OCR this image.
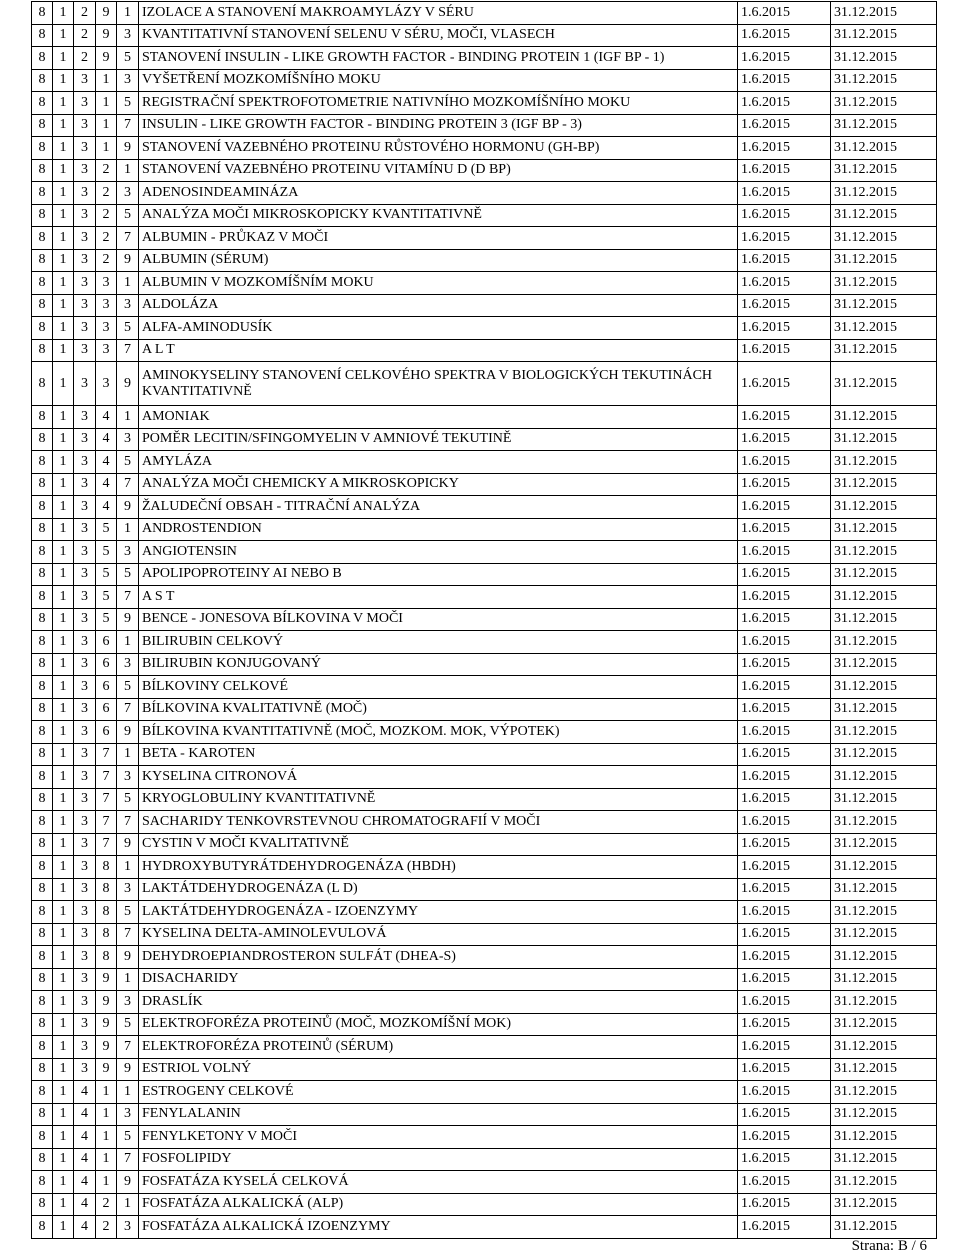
8	1	2	9	1	IZOLACE A STANOVENÍ MAKROAMYLÁZY V SÉRU	1.6.2015	31.12.2015
8	1	2	9	3	KVANTITATIVNÍ STANOVENÍ SELENU V SÉRU, MOČI, VLASECH	1.6.2015	31.12.2015
8	1	2	9	5	STANOVENÍ INSULIN - LIKE GROWTH FACTOR - BINDING PROTEIN 1 (IGF BP - 1)	1.6.2015	31.12.2015
8	1	3	1	3	VYŠETŘENÍ MOZKOMÍŠNÍHO MOKU	1.6.2015	31.12.2015
8	1	3	1	5	REGISTRAČNÍ SPEKTROFOTOMETRIE NATIVNÍHO MOZKOMÍŠNÍHO MOKU	1.6.2015	31.12.2015
8	1	3	1	7	INSULIN - LIKE GROWTH FACTOR - BINDING PROTEIN 3 (IGF BP - 3)	1.6.2015	31.12.2015
8	1	3	1	9	STANOVENÍ VAZEBNÉHO PROTEINU RŮSTOVÉHO HORMONU (GH-BP)	1.6.2015	31.12.2015
8	1	3	2	1	STANOVENÍ VAZEBNÉHO PROTEINU VITAMÍNU D (D BP)	1.6.2015	31.12.2015
8	1	3	2	3	ADENOSINDEAMINÁZA	1.6.2015	31.12.2015
8	1	3	2	5	ANALÝZA MOČI MIKROSKOPICKY KVANTITATIVNĚ	1.6.2015	31.12.2015
8	1	3	2	7	ALBUMIN - PRŮKAZ V MOČI	1.6.2015	31.12.2015
8	1	3	2	9	ALBUMIN (SÉRUM)	1.6.2015	31.12.2015
8	1	3	3	1	ALBUMIN V MOZKOMÍŠNÍM MOKU	1.6.2015	31.12.2015
8	1	3	3	3	ALDOLÁZA	1.6.2015	31.12.2015
8	1	3	3	5	ALFA-AMINODUSÍK	1.6.2015	31.12.2015
8	1	3	3	7	A L T	1.6.2015	31.12.2015
8	1	3	3	9	AMINOKYSELINY STANOVENÍ CELKOVÉHO SPEKTRA V BIOLOGICKÝCH TEKUTINÁCH KVANTITATIVNĚ	1.6.2015	31.12.2015
8	1	3	4	1	AMONIAK	1.6.2015	31.12.2015
8	1	3	4	3	POMĚR LECITIN/SFINGOMYELIN V AMNIOVÉ TEKUTINĚ	1.6.2015	31.12.2015
8	1	3	4	5	AMYLÁZA	1.6.2015	31.12.2015
8	1	3	4	7	ANALÝZA MOČI CHEMICKY A MIKROSKOPICKY	1.6.2015	31.12.2015
8	1	3	4	9	ŽALUDEČNÍ OBSAH - TITRAČNÍ ANALÝZA	1.6.2015	31.12.2015
8	1	3	5	1	ANDROSTENDION	1.6.2015	31.12.2015
8	1	3	5	3	ANGIOTENSIN	1.6.2015	31.12.2015
8	1	3	5	5	APOLIPOPROTEINY AI NEBO B	1.6.2015	31.12.2015
8	1	3	5	7	A S T	1.6.2015	31.12.2015
8	1	3	5	9	BENCE - JONESOVA BÍLKOVINA V MOČI	1.6.2015	31.12.2015
8	1	3	6	1	BILIRUBIN CELKOVÝ	1.6.2015	31.12.2015
8	1	3	6	3	BILIRUBIN KONJUGOVANÝ	1.6.2015	31.12.2015
8	1	3	6	5	BÍLKOVINY CELKOVÉ	1.6.2015	31.12.2015
8	1	3	6	7	BÍLKOVINA KVALITATIVNĚ (MOČ)	1.6.2015	31.12.2015
8	1	3	6	9	BÍLKOVINA KVANTITATIVNĚ (MOČ, MOZKOM. MOK, VÝPOTEK)	1.6.2015	31.12.2015
8	1	3	7	1	BETA - KAROTEN	1.6.2015	31.12.2015
8	1	3	7	3	KYSELINA CITRONOVÁ	1.6.2015	31.12.2015
8	1	3	7	5	KRYOGLOBULINY KVANTITATIVNĚ	1.6.2015	31.12.2015
8	1	3	7	7	SACHARIDY TENKOVRSTEVNOU CHROMATOGRAFIÍ V MOČI	1.6.2015	31.12.2015
8	1	3	7	9	CYSTIN V MOČI KVALITATIVNĚ	1.6.2015	31.12.2015
8	1	3	8	1	HYDROXYBUTYRÁTDEHYDROGENÁZA (HBDH)	1.6.2015	31.12.2015
8	1	3	8	3	LAKTÁTDEHYDROGENÁZA (L D)	1.6.2015	31.12.2015
8	1	3	8	5	LAKTÁTDEHYDROGENÁZA - IZOENZYMY	1.6.2015	31.12.2015
8	1	3	8	7	KYSELINA DELTA-AMINOLEVULOVÁ	1.6.2015	31.12.2015
8	1	3	8	9	DEHYDROEPIANDROSTERON SULFÁT (DHEA-S)	1.6.2015	31.12.2015
8	1	3	9	1	DISACHARIDY	1.6.2015	31.12.2015
8	1	3	9	3	DRASLÍK	1.6.2015	31.12.2015
8	1	3	9	5	ELEKTROFORÉZA PROTEINŮ (MOČ, MOZKOMÍŠNÍ MOK)	1.6.2015	31.12.2015
8	1	3	9	7	ELEKTROFORÉZA PROTEINŮ (SÉRUM)	1.6.2015	31.12.2015
8	1	3	9	9	ESTRIOL VOLNÝ	1.6.2015	31.12.2015
8	1	4	1	1	ESTROGENY CELKOVÉ	1.6.2015	31.12.2015
8	1	4	1	3	FENYLALANIN	1.6.2015	31.12.2015
8	1	4	1	5	FENYLKETONY V MOČI	1.6.2015	31.12.2015
8	1	4	1	7	FOSFOLIPIDY	1.6.2015	31.12.2015
8	1	4	1	9	FOSFATÁZA KYSELÁ CELKOVÁ	1.6.2015	31.12.2015
8	1	4	2	1	FOSFATÁZA ALKALICKÁ (ALP)	1.6.2015	31.12.2015
8	1	4	2	3	FOSFATÁZA ALKALICKÁ IZOENZYMY	1.6.2015	31.12.2015
Strana: B / 6
